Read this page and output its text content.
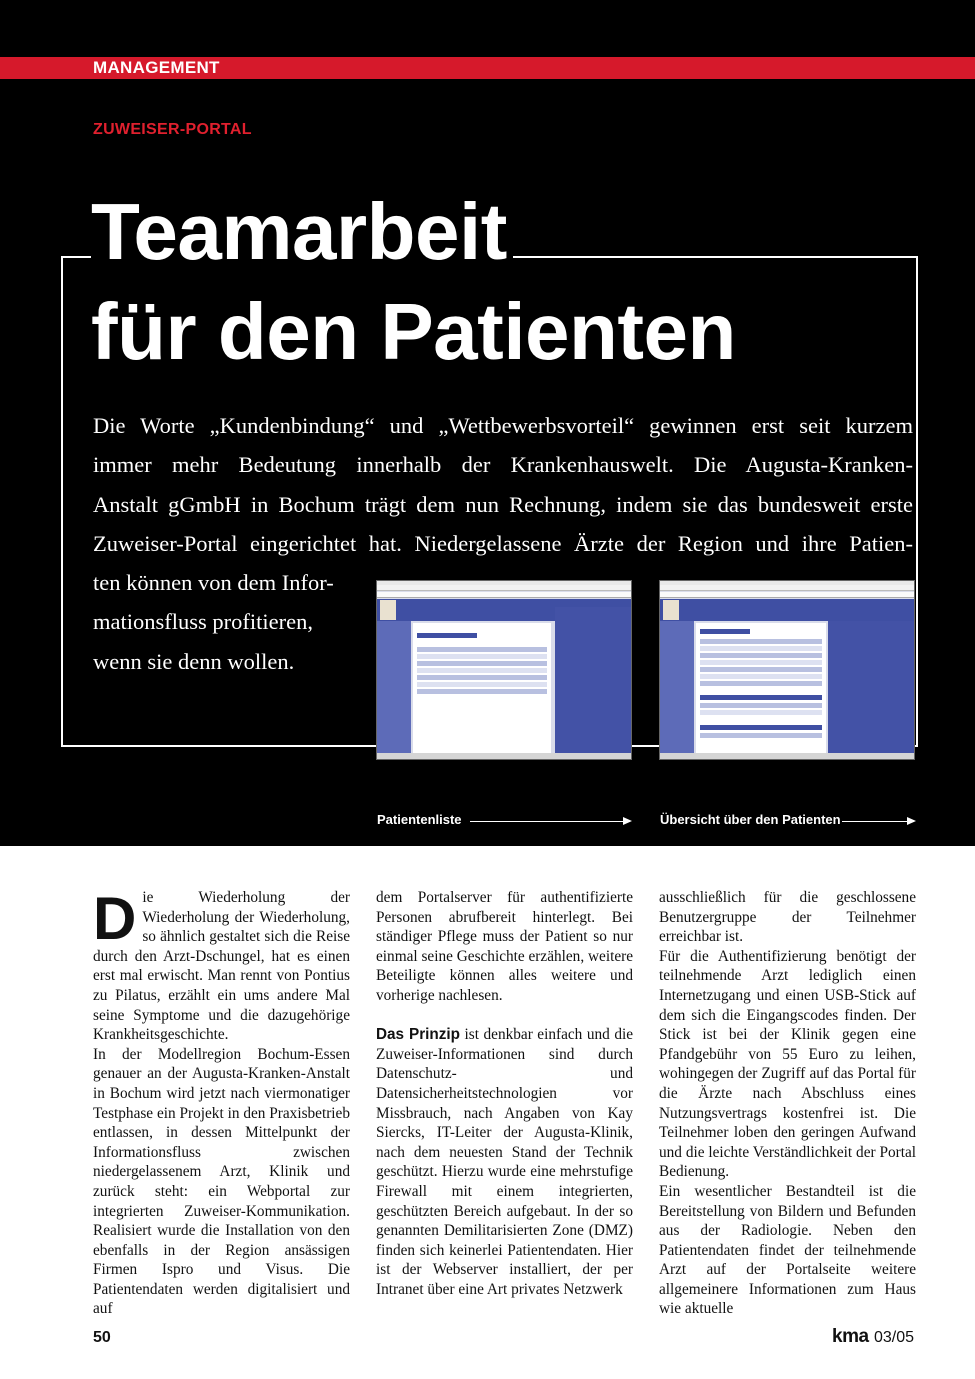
MANAGEMENT
ZUWEISER-PORTAL
Teamarbeit
für den Patienten
Die Worte „Kundenbindung“ und „Wettbewerbsvorteil“ gewinnen erst seit kurzem
immer mehr Bedeutung innerhalb der Krankenhauswelt. Die Augusta-Kranken-
Anstalt gGmbH in Bochum trägt dem nun Rechnung, indem sie das bundesweit erste
Zuweiser-Portal eingerichtet hat. Niedergelassene Ärzte der Region und ihre Patien-
ten können von dem Infor-
mationsfluss profitieren,
wenn sie denn wollen.
Patientenliste	Übersicht über den Patienten
D ie Wiederholung der Wiederholung der Wiederholung, so ähnlich gestaltet sich die Reise durch den Arzt-Dschungel, hat es einen erst mal erwischt. Man rennt von Pontius zu Pilatus, erzählt ein ums andere Mal seine Symptome und die dazugehörige Krankheitsgeschichte.

In der Modellregion Bochum-Essen genauer an der Augusta-Kranken-Anstalt in Bochum wird jetzt nach viermonatiger Testphase ein Projekt in den Praxisbetrieb entlassen, in dessen Mittelpunkt der Informationsfluss zwischen niedergelassenem Arzt, Klinik und zurück steht: ein Webportal zur integrierten Zuweiser-Kommunikation. Realisiert wurde die Installation von den ebenfalls in der Region ansässigen Firmen Ispro und Visus. Die Patientendaten werden digitalisiert und auf

dem Portalserver für authentifizierte Personen abrufbereit hinterlegt. Bei ständiger Pflege muss der Patient so nur einmal seine Geschichte erzählen, weitere Beteiligte können alles weitere und vorherige nachlesen.

Das Prinzip ist denkbar einfach und die Zuweiser-Informationen sind durch Datenschutz- und Datensicherheitstechnologien vor Missbrauch, nach Angaben von Kay Siercks, IT-Leiter der Augusta-Klinik, nach dem neuesten Stand der Technik geschützt. Hierzu wurde eine mehrstufige Firewall mit einem integrierten, geschützten Bereich aufgebaut. In der so genannten Demilitarisierten Zone (DMZ) finden sich keinerlei Patientendaten. Hier ist der Webserver installiert, der per Intranet über eine Art privates Netzwerk

ausschließlich für die geschlossene Benutzergruppe der Teilnehmer erreichbar ist.

Für die Authentifizierung benötigt der teilnehmende Arzt lediglich einen Internetzugang und einen USB-Stick auf dem sich die Eingangscodes finden. Der Stick ist bei der Klinik gegen eine Pfandgebühr von 55 Euro zu leihen, wohingegen der Zugriff auf das Portal für die Ärzte nach Abschluss eines Nutzungsvertrags kostenfrei ist. Die Teilnehmer loben den geringen Aufwand und die leichte Verständlichkeit der Portal Bedienung.

Ein wesentlicher Bestandteil ist die Bereitstellung von Bildern und Befunden aus der Radiologie. Neben den Patientendaten findet der teilnehmende Arzt auf der Portalseite weitere allgemeinere Informationen zum Haus wie aktuelle

50	kma 03/05
